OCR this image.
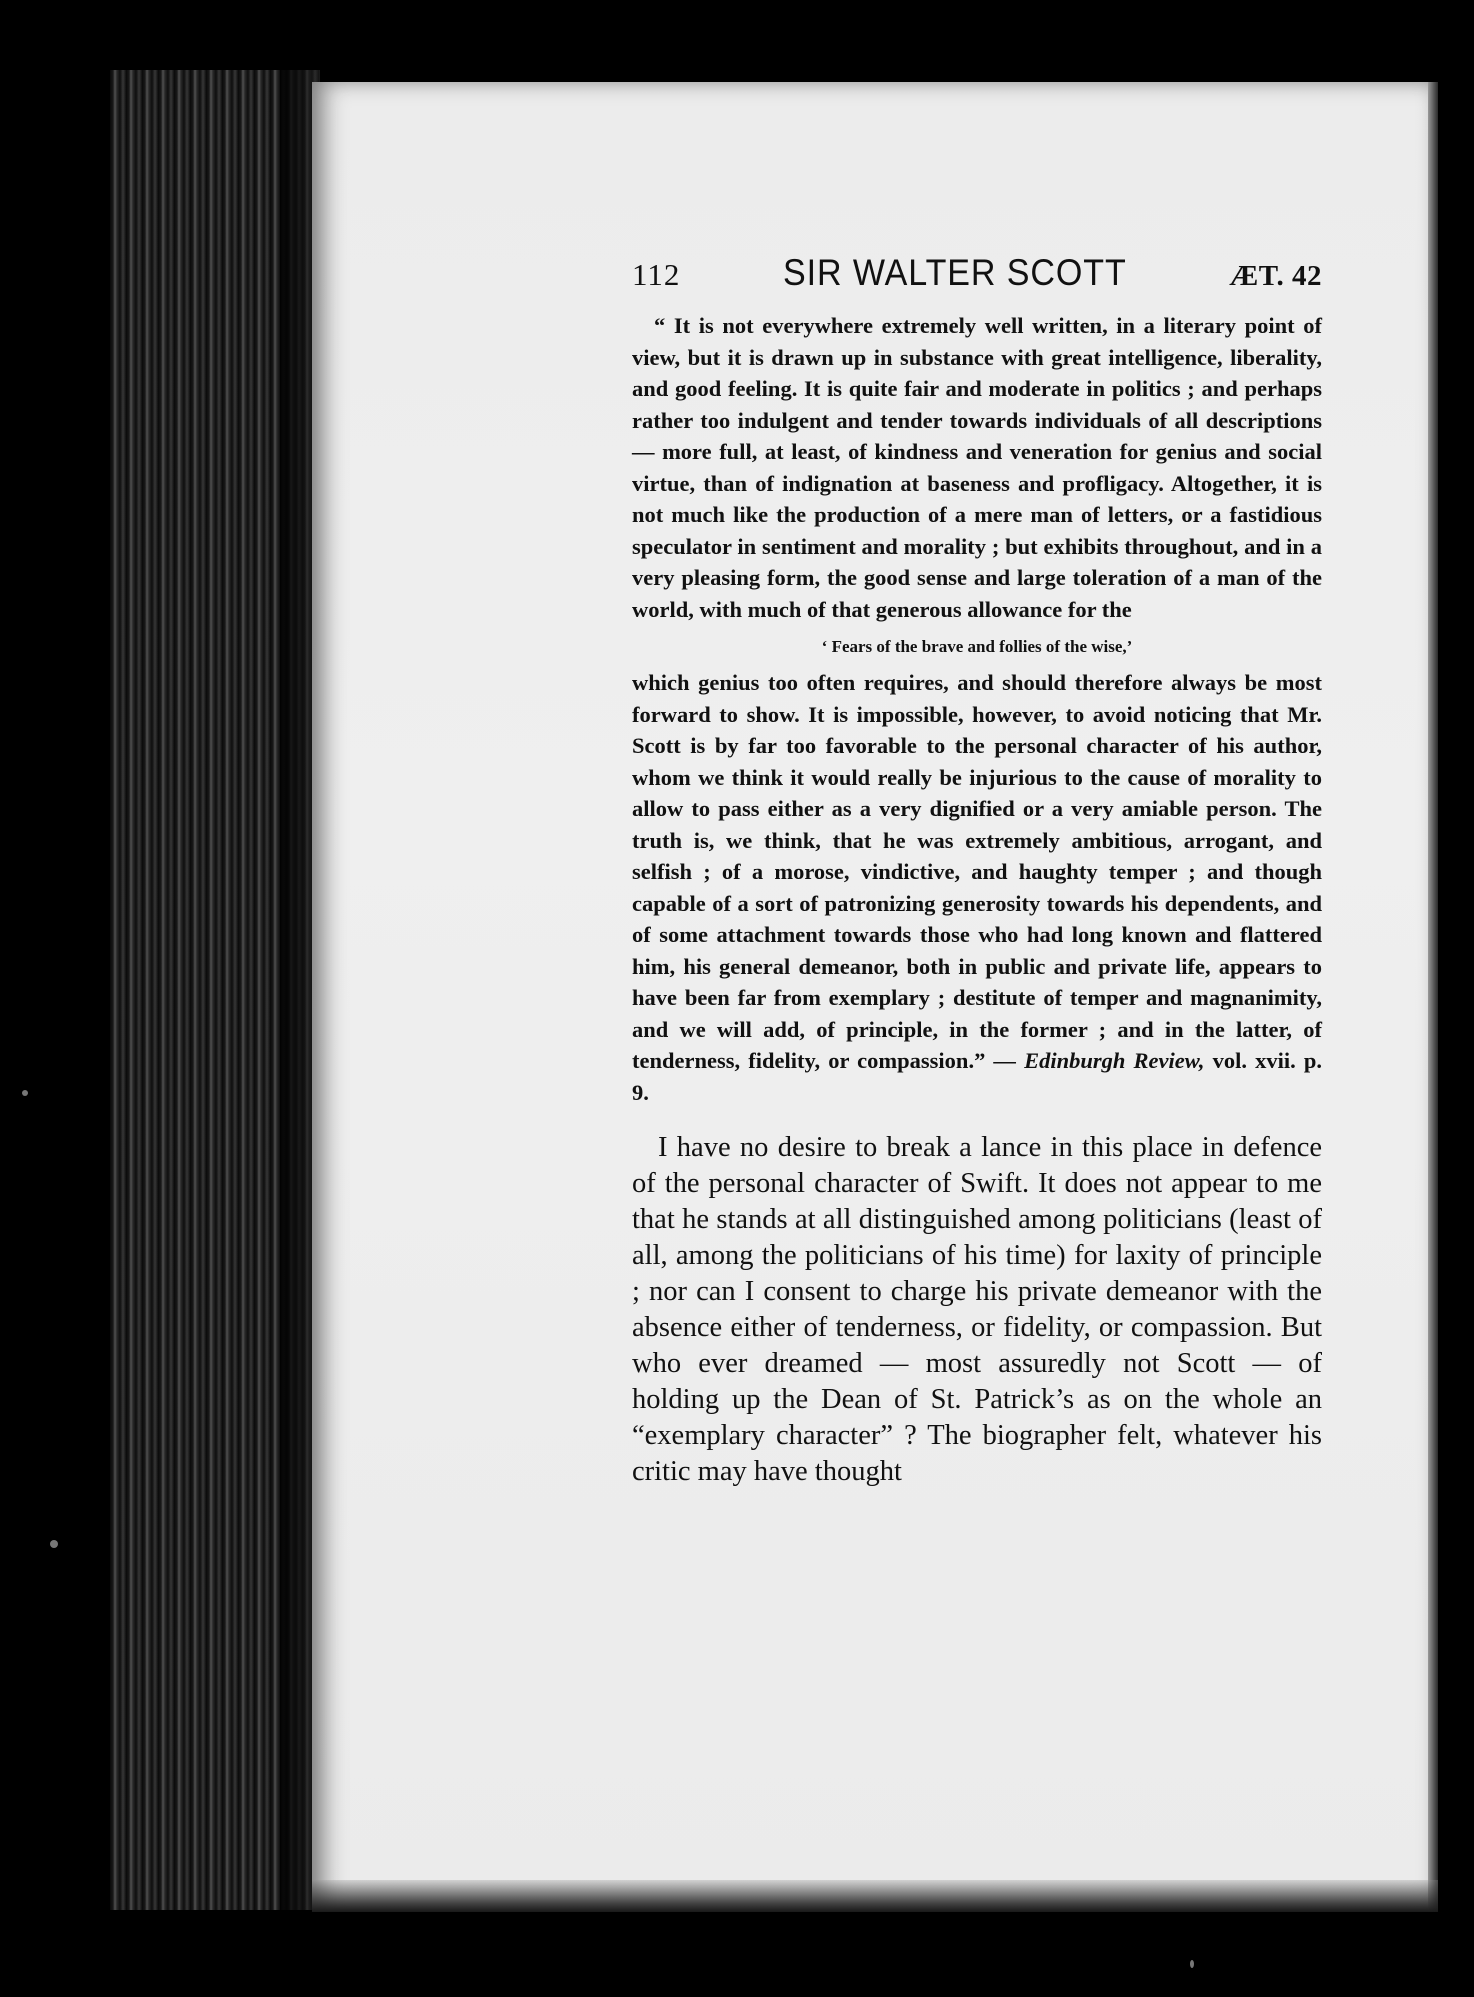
112	SIR WALTER SCOTT	ÆT. 42

“ It is not everywhere extremely well written, in a literary point of view, but it is drawn up in substance with great intelligence, liberality, and good feeling. It is quite fair and moderate in politics ; and perhaps rather too indulgent and tender towards individuals of all descriptions — more full, at least, of kindness and veneration for genius and social virtue, than of indignation at baseness and profligacy. Altogether, it is not much like the production of a mere man of letters, or a fastidious speculator in sentiment and morality ; but exhibits throughout, and in a very pleasing form, the good sense and large toleration of a man of the world, with much of that generous allowance for the

‘ Fears of the brave and follies of the wise,’

which genius too often requires, and should therefore always be most forward to show. It is impossible, however, to avoid noticing that Mr. Scott is by far too favorable to the personal character of his author, whom we think it would really be injurious to the cause of morality to allow to pass either as a very dignified or a very amiable person. The truth is, we think, that he was extremely ambitious, arrogant, and selfish ; of a morose, vindictive, and haughty temper ; and though capable of a sort of patronizing generosity towards his dependents, and of some attachment towards those who had long known and flattered him, his general demeanor, both in public and private life, appears to have been far from exemplary ; destitute of temper and magnanimity, and we will add, of principle, in the former ; and in the latter, of tenderness, fidelity, or compassion.” — Edinburgh Review, vol. xvii. p. 9.

I have no desire to break a lance in this place in defence of the personal character of Swift. It does not appear to me that he stands at all distinguished among politicians (least of all, among the politicians of his time) for laxity of principle ; nor can I consent to charge his private demeanor with the absence either of tenderness, or fidelity, or compassion. But who ever dreamed — most assuredly not Scott — of holding up the Dean of St. Patrick’s as on the whole an “exemplary character” ? The biographer felt, whatever his critic may have thought
